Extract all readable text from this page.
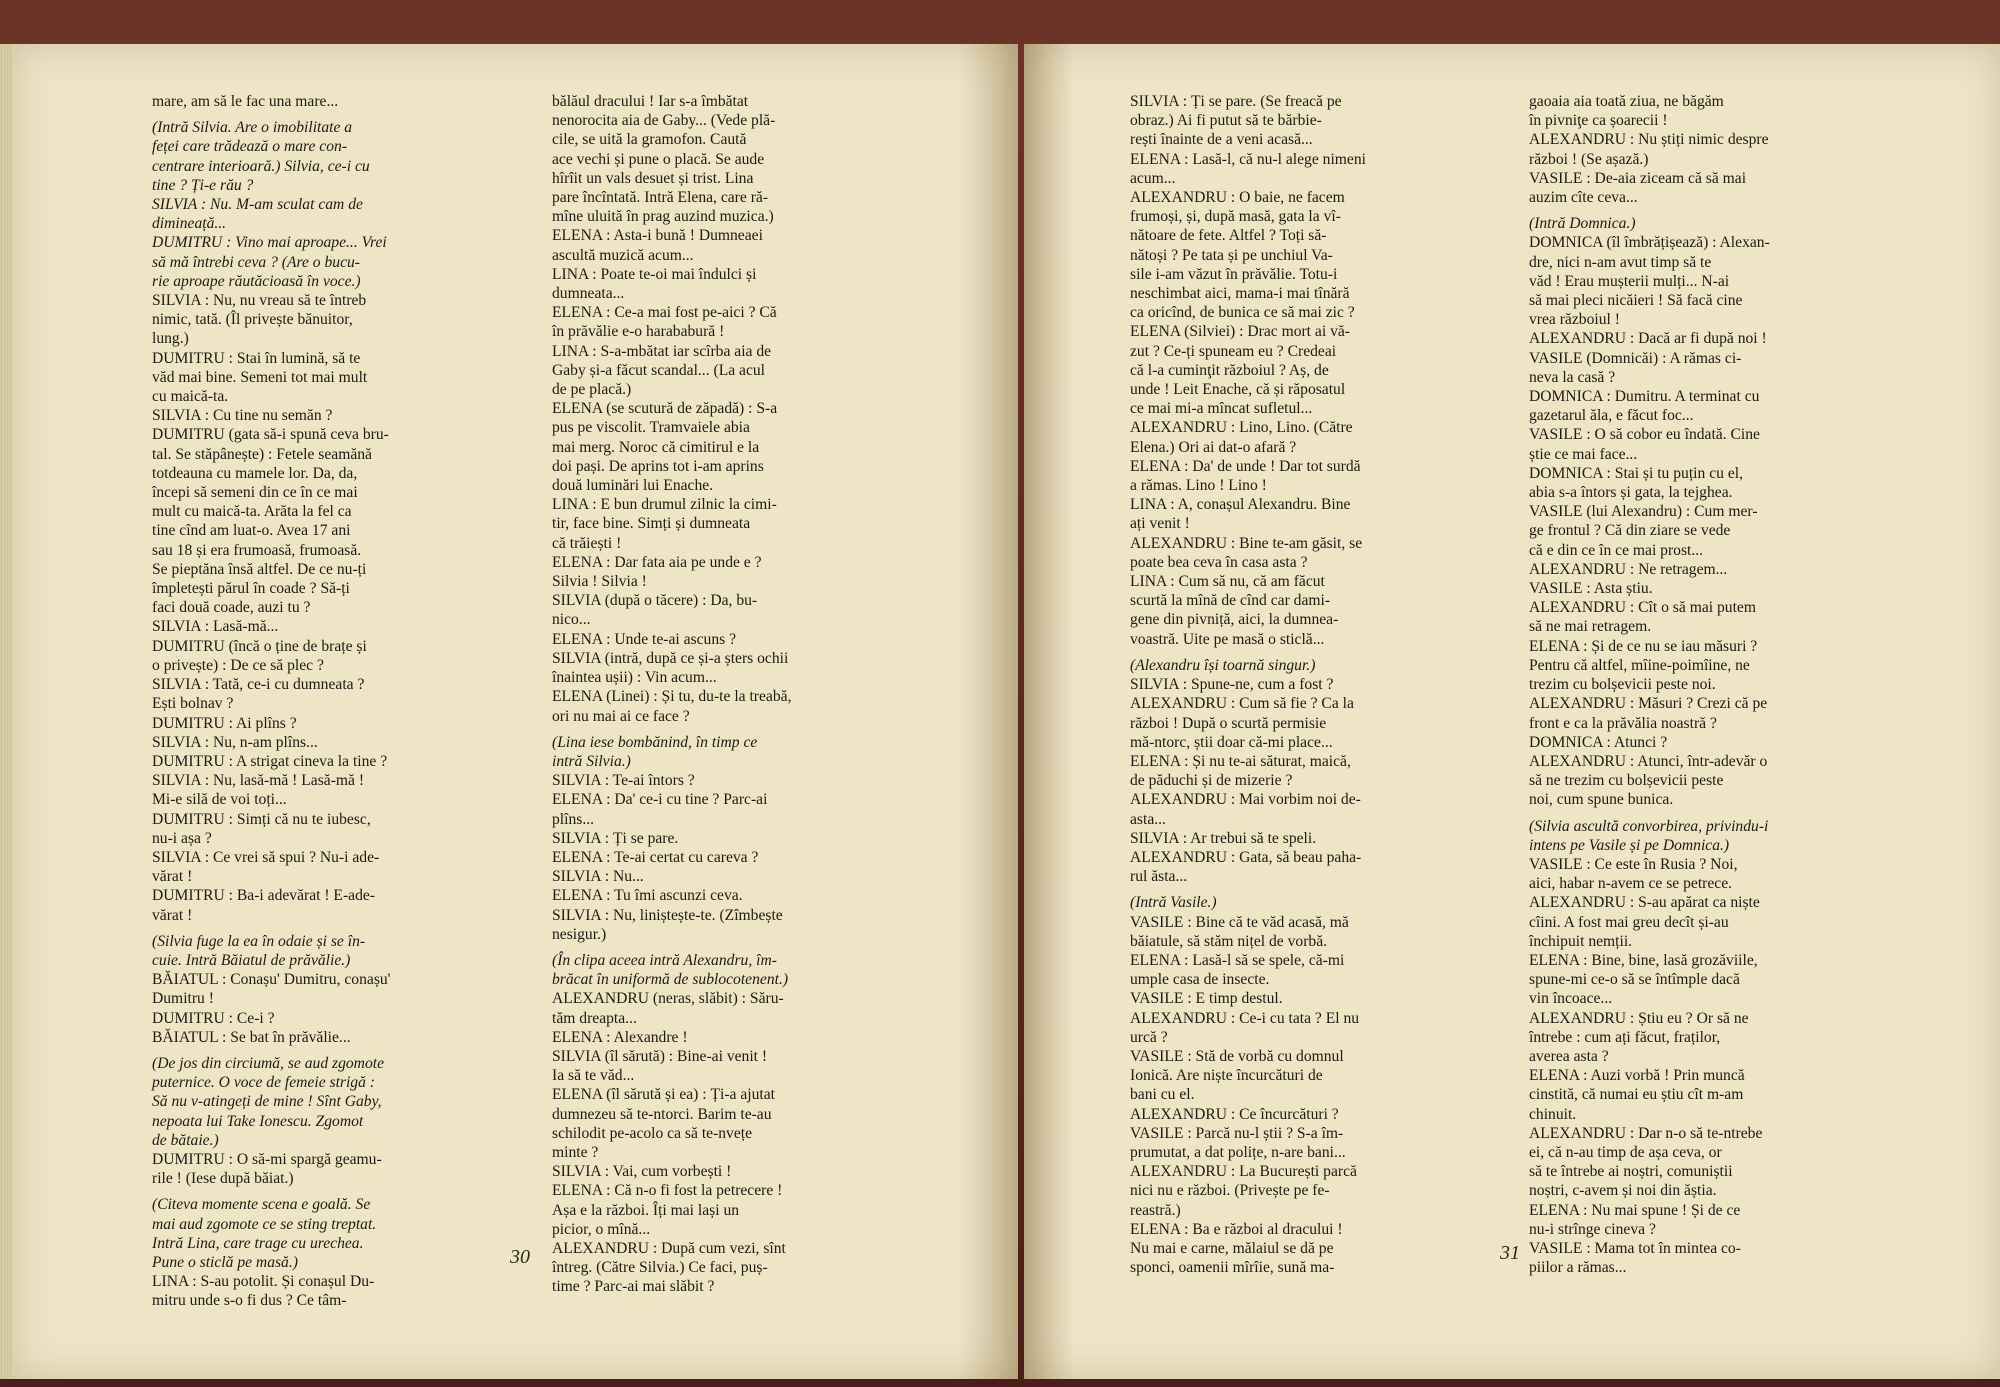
mare, am să le fac una mare...

(Intră Silvia. Are o imobilitate a

feței care trădează o mare con-

centrare interioară.) Silvia, ce-i cu

tine ? Ți-e rău ?

SILVIA : Nu. M-am sculat cam de

dimineață...

DUMITRU : Vino mai aproape... Vrei

să mă întrebi ceva ? (Are o bucu-

rie aproape răutăcioasă în voce.)

SILVIA : Nu, nu vreau să te întreb

nimic, tată. (Îl privește bănuitor,

lung.)

DUMITRU : Stai în lumină, să te

văd mai bine. Semeni tot mai mult

cu maică-ta.

SILVIA : Cu tine nu semăn ?

DUMITRU (gata să-i spună ceva bru-

tal. Se stăpânește) : Fetele seamănă

totdeauna cu mamele lor. Da, da,

începi să semeni din ce în ce mai

mult cu maică-ta. Arăta la fel ca

tine cînd am luat-o. Avea 17 ani

sau 18 și era frumoasă, frumoasă.

Se pieptăna însă altfel. De ce nu-ți

împletești părul în coade ? Să-ți

faci două coade, auzi tu ?

SILVIA : Lasă-mă...

DUMITRU (încă o ține de brațe și

o privește) : De ce să plec ?

SILVIA : Tată, ce-i cu dumneata ?

Ești bolnav ?

DUMITRU : Ai plîns ?

SILVIA : Nu, n-am plîns...

DUMITRU : A strigat cineva la tine ?

SILVIA : Nu, lasă-mă ! Lasă-mă !

Mi-e silă de voi toți...

DUMITRU : Simți că nu te iubesc,

nu-i așa ?

SILVIA : Ce vrei să spui ? Nu-i ade-

vărat !

DUMITRU : Ba-i adevărat ! E-ade-

vărat !

(Silvia fuge la ea în odaie și se în-

cuie. Intră Băiatul de prăvălie.)

BĂIATUL : Conașu' Dumitru, conașu'

Dumitru !

DUMITRU : Ce-i ?

BĂIATUL : Se bat în prăvălie...

(De jos din circiumă, se aud zgomote

puternice. O voce de femeie strigă :

Să nu v-atingeți de mine ! Sînt Gaby,

nepoata lui Take Ionescu. Zgomot

de bătaie.)

DUMITRU : O să-mi spargă geamu-

rile ! (Iese după băiat.)

(Citeva momente scena e goală. Se

mai aud zgomote ce se sting treptat.

Intră Lina, care trage cu urechea.

Pune o sticlă pe masă.)

LINA : S-au potolit. Și conașul Du-

mitru unde s-o fi dus ? Ce tâm-

bălăul dracului ! Iar s-a îmbătat

nenorocita aia de Gaby... (Vede plă-

cile, se uită la gramofon. Caută

ace vechi și pune o placă. Se aude

hîrîit un vals desuet și trist. Lina

pare încîntată. Intră Elena, care ră-

mîne uluită în prag auzind muzica.)

ELENA : Asta-i bună ! Dumneaei

ascultă muzică acum...

LINA : Poate te-oi mai îndulci și

dumneata...

ELENA : Ce-a mai fost pe-aici ? Că

în prăvălie e-o harababură !

LINA : S-a-mbătat iar scîrba aia de

Gaby și-a făcut scandal... (La acul

de pe placă.)

ELENA (se scutură de zăpadă) : S-a

pus pe viscolit. Tramvaiele abia

mai merg. Noroc că cimitirul e la

doi pași. De aprins tot i-am aprins

două luminări lui Enache.

LINA : E bun drumul zilnic la cimi-

tir, face bine. Simți și dumneata

că trăiești !

ELENA : Dar fata aia pe unde e ?

Silvia ! Silvia !

SILVIA (după o tăcere) : Da, bu-

nico...

ELENA : Unde te-ai ascuns ?

SILVIA (intră, după ce și-a șters ochii

înaintea ușii) : Vin acum...

ELENA (Linei) : Și tu, du-te la treabă,

ori nu mai ai ce face ?

(Lina iese bombănind, în timp ce

intră Silvia.)

SILVIA : Te-ai întors ?

ELENA : Da' ce-i cu tine ? Parc-ai

plîns...

SILVIA : Ți se pare.

ELENA : Te-ai certat cu careva ?

SILVIA : Nu...

ELENA : Tu îmi ascunzi ceva.

SILVIA : Nu, liniștește-te. (Zîmbește

nesigur.)

(În clipa aceea intră Alexandru, îm-

brăcat în uniformă de sublocotenent.)

ALEXANDRU (neras, slăbit) : Săru-

tăm dreapta...

ELENA : Alexandre !

SILVIA (îl sărută) : Bine-ai venit !

Ia să te văd...

ELENA (îl sărută și ea) : Ți-a ajutat

dumnezeu să te-ntorci. Barim te-au

schilodit pe-acolo ca să te-nvețe

minte ?

SILVIA : Vai, cum vorbești !

ELENA : Că n-o fi fost la petrecere !

Așa e la război. Îți mai lași un

picior, o mînă...

ALEXANDRU : După cum vezi, sînt

întreg. (Către Silvia.) Ce faci, puș-

time ? Parc-ai mai slăbit ?

30

SILVIA : Ți se pare. (Se freacă pe

obraz.) Ai fi putut să te bărbie-

rești înainte de a veni acasă...

ELENA : Lasă-l, că nu-l alege nimeni

acum...

ALEXANDRU : O baie, ne facem

frumoși, și, după masă, gata la vî-

nătoare de fete. Altfel ? Toți să-

nătoși ? Pe tata și pe unchiul Va-

sile i-am văzut în prăvălie. Totu-i

neschimbat aici, mama-i mai tînără

ca oricînd, de bunica ce să mai zic ?

ELENA (Silviei) : Drac mort ai vă-

zut ? Ce-ți spuneam eu ? Credeai

că l-a cuminţit războiul ? Aș, de

unde ! Leit Enache, că și răposatul

ce mai mi-a mîncat sufletul...

ALEXANDRU : Lino, Lino. (Către

Elena.) Ori ai dat-o afară ?

ELENA : Da' de unde ! Dar tot surdă

a rămas. Lino ! Lino !

LINA : A, conașul Alexandru. Bine

ați venit !

ALEXANDRU : Bine te-am găsit, se

poate bea ceva în casa asta ?

LINA : Cum să nu, că am făcut

scurtă la mînă de cînd car dami-

gene din pivniță, aici, la dumnea-

voastră. Uite pe masă o sticlă...

(Alexandru își toarnă singur.)

SILVIA : Spune-ne, cum a fost ?

ALEXANDRU : Cum să fie ? Ca la

război ! După o scurtă permisie

mă-ntorc, știi doar că-mi place...

ELENA : Și nu te-ai săturat, maică,

de păduchi și de mizerie ?

ALEXANDRU : Mai vorbim noi de-

asta...

SILVIA : Ar trebui să te speli.

ALEXANDRU : Gata, să beau paha-

rul ăsta...

(Intră Vasile.)

VASILE : Bine că te văd acasă, mă

băiatule, să stăm nițel de vorbă.

ELENA : Lasă-l să se spele, că-mi

umple casa de insecte.

VASILE : E timp destul.

ALEXANDRU : Ce-i cu tata ? El nu

urcă ?

VASILE : Stă de vorbă cu domnul

Ionică. Are niște încurcături de

bani cu el.

ALEXANDRU : Ce încurcături ?

VASILE : Parcă nu-l știi ? S-a îm-

prumutat, a dat polițe, n-are bani...

ALEXANDRU : La București parcă

nici nu e război. (Privește pe fe-

reastră.)

ELENA : Ba e război al dracului !

Nu mai e carne, mălaiul se dă pe

sponci, oamenii mîrîie, sună ma-

gaoaia aia toată ziua, ne băgăm

în pivniţe ca șoarecii !

ALEXANDRU : Nu știți nimic despre

război ! (Se așază.)

VASILE : De-aia ziceam că să mai

auzim cîte ceva...

(Intră Domnica.)

DOMNICA (îl îmbrățișează) : Alexan-

dre, nici n-am avut timp să te

văd ! Erau mușterii mulți... N-ai

să mai pleci nicăieri ! Să facă cine

vrea războiul !

ALEXANDRU : Dacă ar fi după noi !

VASILE (Domnicăi) : A rămas ci-

neva la casă ?

DOMNICA : Dumitru. A terminat cu

gazetarul ăla, e făcut foc...

VASILE : O să cobor eu îndată. Cine

știe ce mai face...

DOMNICA : Stai și tu puțin cu el,

abia s-a întors și gata, la tejghea.

VASILE (lui Alexandru) : Cum mer-

ge frontul ? Că din ziare se vede

că e din ce în ce mai prost...

ALEXANDRU : Ne retragem...

VASILE : Asta știu.

ALEXANDRU : Cît o să mai putem

să ne mai retragem.

ELENA : Și de ce nu se iau măsuri ?

Pentru că altfel, mîine-poimîine, ne

trezim cu bolșevicii peste noi.

ALEXANDRU : Măsuri ? Crezi că pe

front e ca la prăvălia noastră ?

DOMNICA : Atunci ?

ALEXANDRU : Atunci, într-adevăr o

să ne trezim cu bolșevicii peste

noi, cum spune bunica.

(Silvia ascultă convorbirea, privindu-i

intens pe Vasile și pe Domnica.)

VASILE : Ce este în Rusia ? Noi,

aici, habar n-avem ce se petrece.

ALEXANDRU : S-au apărat ca niște

cîini. A fost mai greu decît și-au

închipuit nemții.

ELENA : Bine, bine, lasă grozăviile,

spune-mi ce-o să se întîmple dacă

vin încoace...

ALEXANDRU : Știu eu ? Or să ne

întrebe : cum ați făcut, fraților,

averea asta ?

ELENA : Auzi vorbă ! Prin muncă

cinstită, că numai eu știu cît m-am

chinuit.

ALEXANDRU : Dar n-o să te-ntrebe

ei, că n-au timp de așa ceva, or

să te întrebe ai noștri, comuniștii

noștri, c-avem și noi din ăștia.

ELENA : Nu mai spune ! Și de ce

nu-i strînge cineva ?

VASILE : Mama tot în mintea co-

piilor a rămas...

31
